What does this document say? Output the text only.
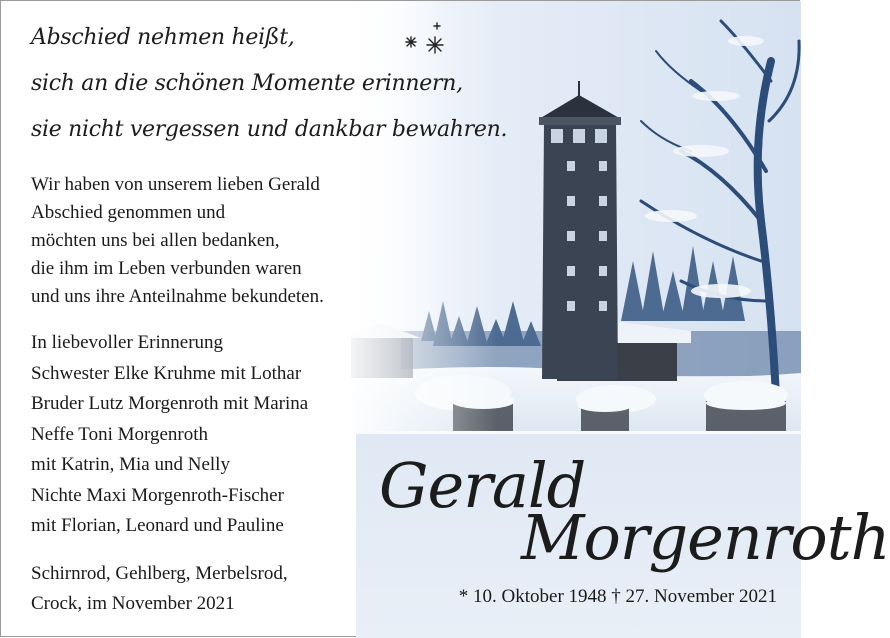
Abschied nehmen heißt,
sich an die schönen Momente erinnern,
sie nicht vergessen und dankbar bewahren.
Wir haben von unserem lieben Gerald
Abschied genommen und
möchten uns bei allen bedanken,
die ihm im Leben verbunden waren
und uns ihre Anteilnahme bekundeten.
In liebevoller Erinnerung
Schwester Elke Kruhme mit Lothar
Bruder Lutz Morgenroth mit Marina
Neffe Toni Morgenroth
mit Katrin, Mia und Nelly
Nichte Maxi Morgenroth-Fischer
mit Florian, Leonard und Pauline
Schirnrod, Gehlberg, Merbelsrod,
Crock, im November 2021
Gerald
Morgenroth
* 10. Oktober 1948 † 27. November 2021
